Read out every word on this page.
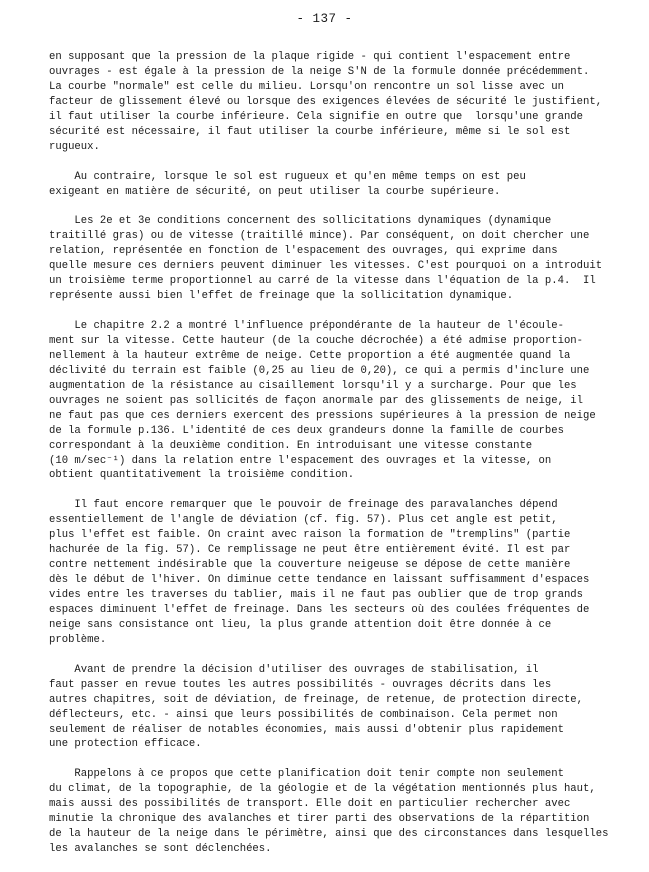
- 137 -
en supposant que la pression de la plaque rigide - qui contient l'espacement entre
ouvrages - est égale à la pression de la neige S'N de la formule donnée précédemment.
La courbe "normale" est celle du milieu. Lorsqu'on rencontre un sol lisse avec un
facteur de glissement élevé ou lorsque des exigences élevées de sécurité le justifient,
il faut utiliser la courbe inférieure. Cela signifie en outre que  lorsqu'une grande
sécurité est nécessaire, il faut utiliser la courbe inférieure, même si le sol est
rugueux.
Au contraire, lorsque le sol est rugueux et qu'en même temps on est peu
exigeant en matière de sécurité, on peut utiliser la courbe supérieure.
Les 2e et 3e conditions concernent des sollicitations dynamiques (dynamique
traitillé gras) ou de vitesse (traitillé mince). Par conséquent, on doit chercher une
relation, représentée en fonction de l'espacement des ouvrages, qui exprime dans
quelle mesure ces derniers peuvent diminuer les vitesses. C'est pourquoi on a introduit
un troisième terme proportionnel au carré de la vitesse dans l'équation de la p.4.  Il
représente aussi bien l'effet de freinage que la sollicitation dynamique.
Le chapitre 2.2 a montré l'influence prépondérante de la hauteur de l'écoule-
ment sur la vitesse. Cette hauteur (de la couche décrochée) a été admise proportion-
nellement à la hauteur extrême de neige. Cette proportion a été augmentée quand la
déclivité du terrain est faible (0,25 au lieu de 0,20), ce qui a permis d'inclure une
augmentation de la résistance au cisaillement lorsqu'il y a surcharge. Pour que les
ouvrages ne soient pas sollicités de façon anormale par des glissements de neige, il
ne faut pas que ces derniers exercent des pressions supérieures à la pression de neige
de la formule p.136. L'identité de ces deux grandeurs donne la famille de courbes
correspondant à la deuxième condition. En introduisant une vitesse constante
(10 m/sec⁻¹) dans la relation entre l'espacement des ouvrages et la vitesse, on
obtient quantitativement la troisième condition.
Il faut encore remarquer que le pouvoir de freinage des paravalanches dépend
essentiellement de l'angle de déviation (cf. fig. 57). Plus cet angle est petit,
plus l'effet est faible. On craint avec raison la formation de "tremplins" (partie
hachurée de la fig. 57). Ce remplissage ne peut être entièrement évité. Il est par
contre nettement indésirable que la couverture neigeuse se dépose de cette manière
dès le début de l'hiver. On diminue cette tendance en laissant suffisamment d'espaces
vides entre les traverses du tablier, mais il ne faut pas oublier que de trop grands
espaces diminuent l'effet de freinage. Dans les secteurs où des coulées fréquentes de
neige sans consistance ont lieu, la plus grande attention doit être donnée à ce
problème.
Avant de prendre la décision d'utiliser des ouvrages de stabilisation, il
faut passer en revue toutes les autres possibilités - ouvrages décrits dans les
autres chapitres, soit de déviation, de freinage, de retenue, de protection directe,
déflecteurs, etc. - ainsi que leurs possibilités de combinaison. Cela permet non
seulement de réaliser de notables économies, mais aussi d'obtenir plus rapidement
une protection efficace.
Rappelons à ce propos que cette planification doit tenir compte non seulement
du climat, de la topographie, de la géologie et de la végétation mentionnés plus haut,
mais aussi des possibilités de transport. Elle doit en particulier rechercher avec
minutie la chronique des avalanches et tirer parti des observations de la répartition
de la hauteur de la neige dans le périmètre, ainsi que des circonstances dans lesquelles
les avalanches se sont déclenchées.
